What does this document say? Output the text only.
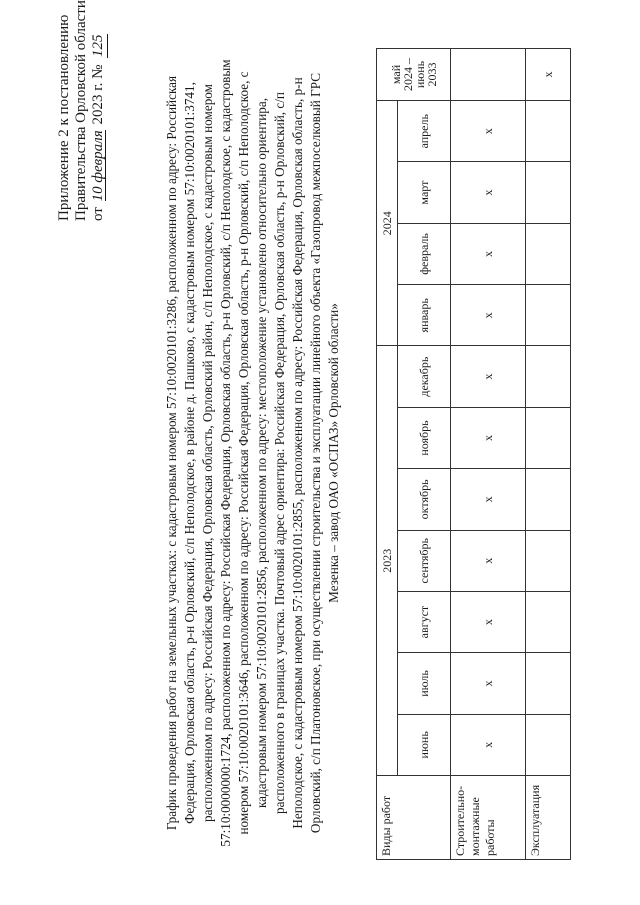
Приложение 2 к постановлению Правительства Орловской области от 10 февраля 2023 г. № 125
График проведения работ на земельных участках: с кадастровым номером 57:10:0020101:3286, расположенном по адресу: Российская Федерация, Орловская область, р-н Орловский, с/п Неполодское, в районе д. Пашково, с кадастровым номером 57:10:0020101:3741, расположенном по адресу: Российская Федерация, Орловская область, Орловский район, с/п Неполодское, с кадастровым номером 57:10:0000000:1724, расположенном по адресу: Российская Федерация, Орловская область, р-н Орловский, с/п Неполодское, с кадастровым номером 57:10:0020101:3646, расположенном по адресу: Российская Федерация, Орловская область, р-н Орловский, с/п Неполодское, с кадастровым номером 57:10:0020101:2856, расположенном по адресу: местоположение установлено относительно ориентира, расположенного в границах участка. Почтовый адрес ориентира: Российская Федерация, Орловская область, р-н Орловский, с/п Неполодское, с кадастровым номером 57:10:0020101:2855, расположенном по адресу: Российская Федерация, Орловская область, р-н Орловский, с/п Платоновское, при осуществлении строительства и эксплуатации линейного объекта «Газопровод межпоселковый ГРС Мезенка – завод ОАО «ОСПАЗ» Орловской области»
Виды работ	2023							2024				май 2024 – июнь 2033
	июнь	июль	август	сентябрь	октябрь	ноябрь	декабрь	январь	февраль	март	апрель	
Строительно-монтажные работы	x	x	x	x	x	x	x	x	x	x	x	
Эксплуатация												x
